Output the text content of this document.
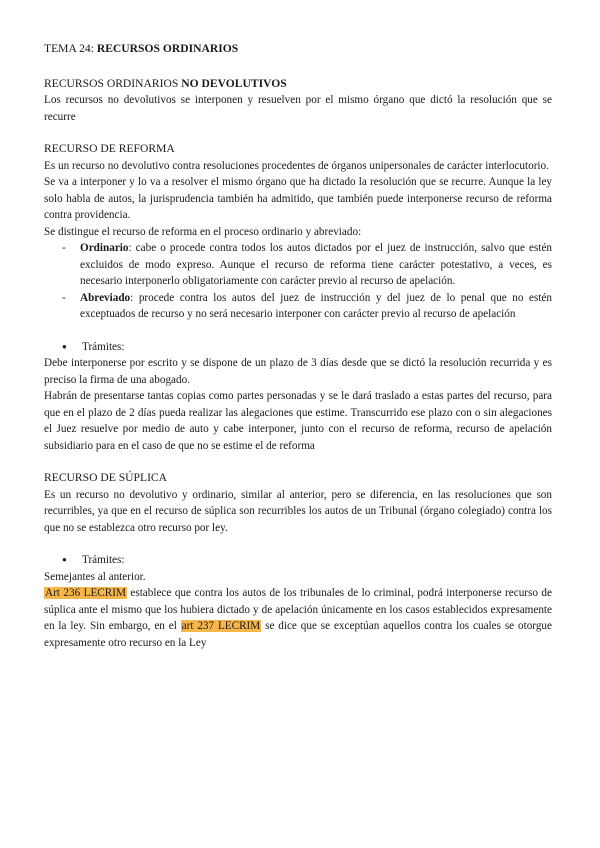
TEMA 24: RECURSOS ORDINARIOS
RECURSOS ORDINARIOS NO DEVOLUTIVOS

Los recursos no devolutivos se interponen y resuelven por el mismo órgano que dictó la resolución que se recurre

RECURSO DE REFORMA

Es un recurso no devolutivo contra resoluciones procedentes de órganos unipersonales de carácter interlocutorio.

Se va a interponer y lo va a resolver el mismo órgano que ha dictado la resolución que se recurre. Aunque la ley solo habla de autos, la jurisprudencia también ha admitido, que también puede interponerse recurso de reforma contra providencia.

Se distingue el recurso de reforma en el proceso ordinario y abreviado:

- Ordinario: cabe o procede contra todos los autos dictados por el juez de instrucción, salvo que estén excluidos de modo expreso. Aunque el recurso de reforma tiene carácter potestativo, a veces, es necesario interponerlo obligatoriamente con carácter previo al recurso de apelación.
- Abreviado: procede contra los autos del juez de instrucción y del juez de lo penal que no estén exceptuados de recurso y no será necesario interponer con carácter previo al recurso de apelación
● Trámites:

Debe interponerse por escrito y se dispone de un plazo de 3 días desde que se dictó la resolución recurrida y es preciso la firma de una abogado.

Habrán de presentarse tantas copias como partes personadas y se le dará traslado a estas partes del recurso, para que en el plazo de 2 días pueda realizar las alegaciones que estime. Transcurrido ese plazo con o sin alegaciones el Juez resuelve por medio de auto y cabe interponer, junto con el recurso de reforma, recurso de apelación subsidiario para en el caso de que no se estime el de reforma

RECURSO DE SÚPLICA

Es un recurso no devolutivo y ordinario, similar al anterior, pero se diferencia, en las resoluciones que son recurribles, ya que en el recurso de súplica son recurribles los autos de un Tribunal (órgano colegiado) contra los que no se establezca otro recurso por ley.

● Trámites:

Semejantes al anterior.

Art 236 LECRIM establece que contra los autos de los tribunales de lo criminal, podrá interponerse recurso de súplica ante el mismo que los hubiera dictado y de apelación únicamente en los casos establecidos expresamente en la ley. Sin embargo, en el art 237 LECRIM se dice que se exceptúan aquellos contra los cuales se otorgue expresamente otro recurso en la Ley
